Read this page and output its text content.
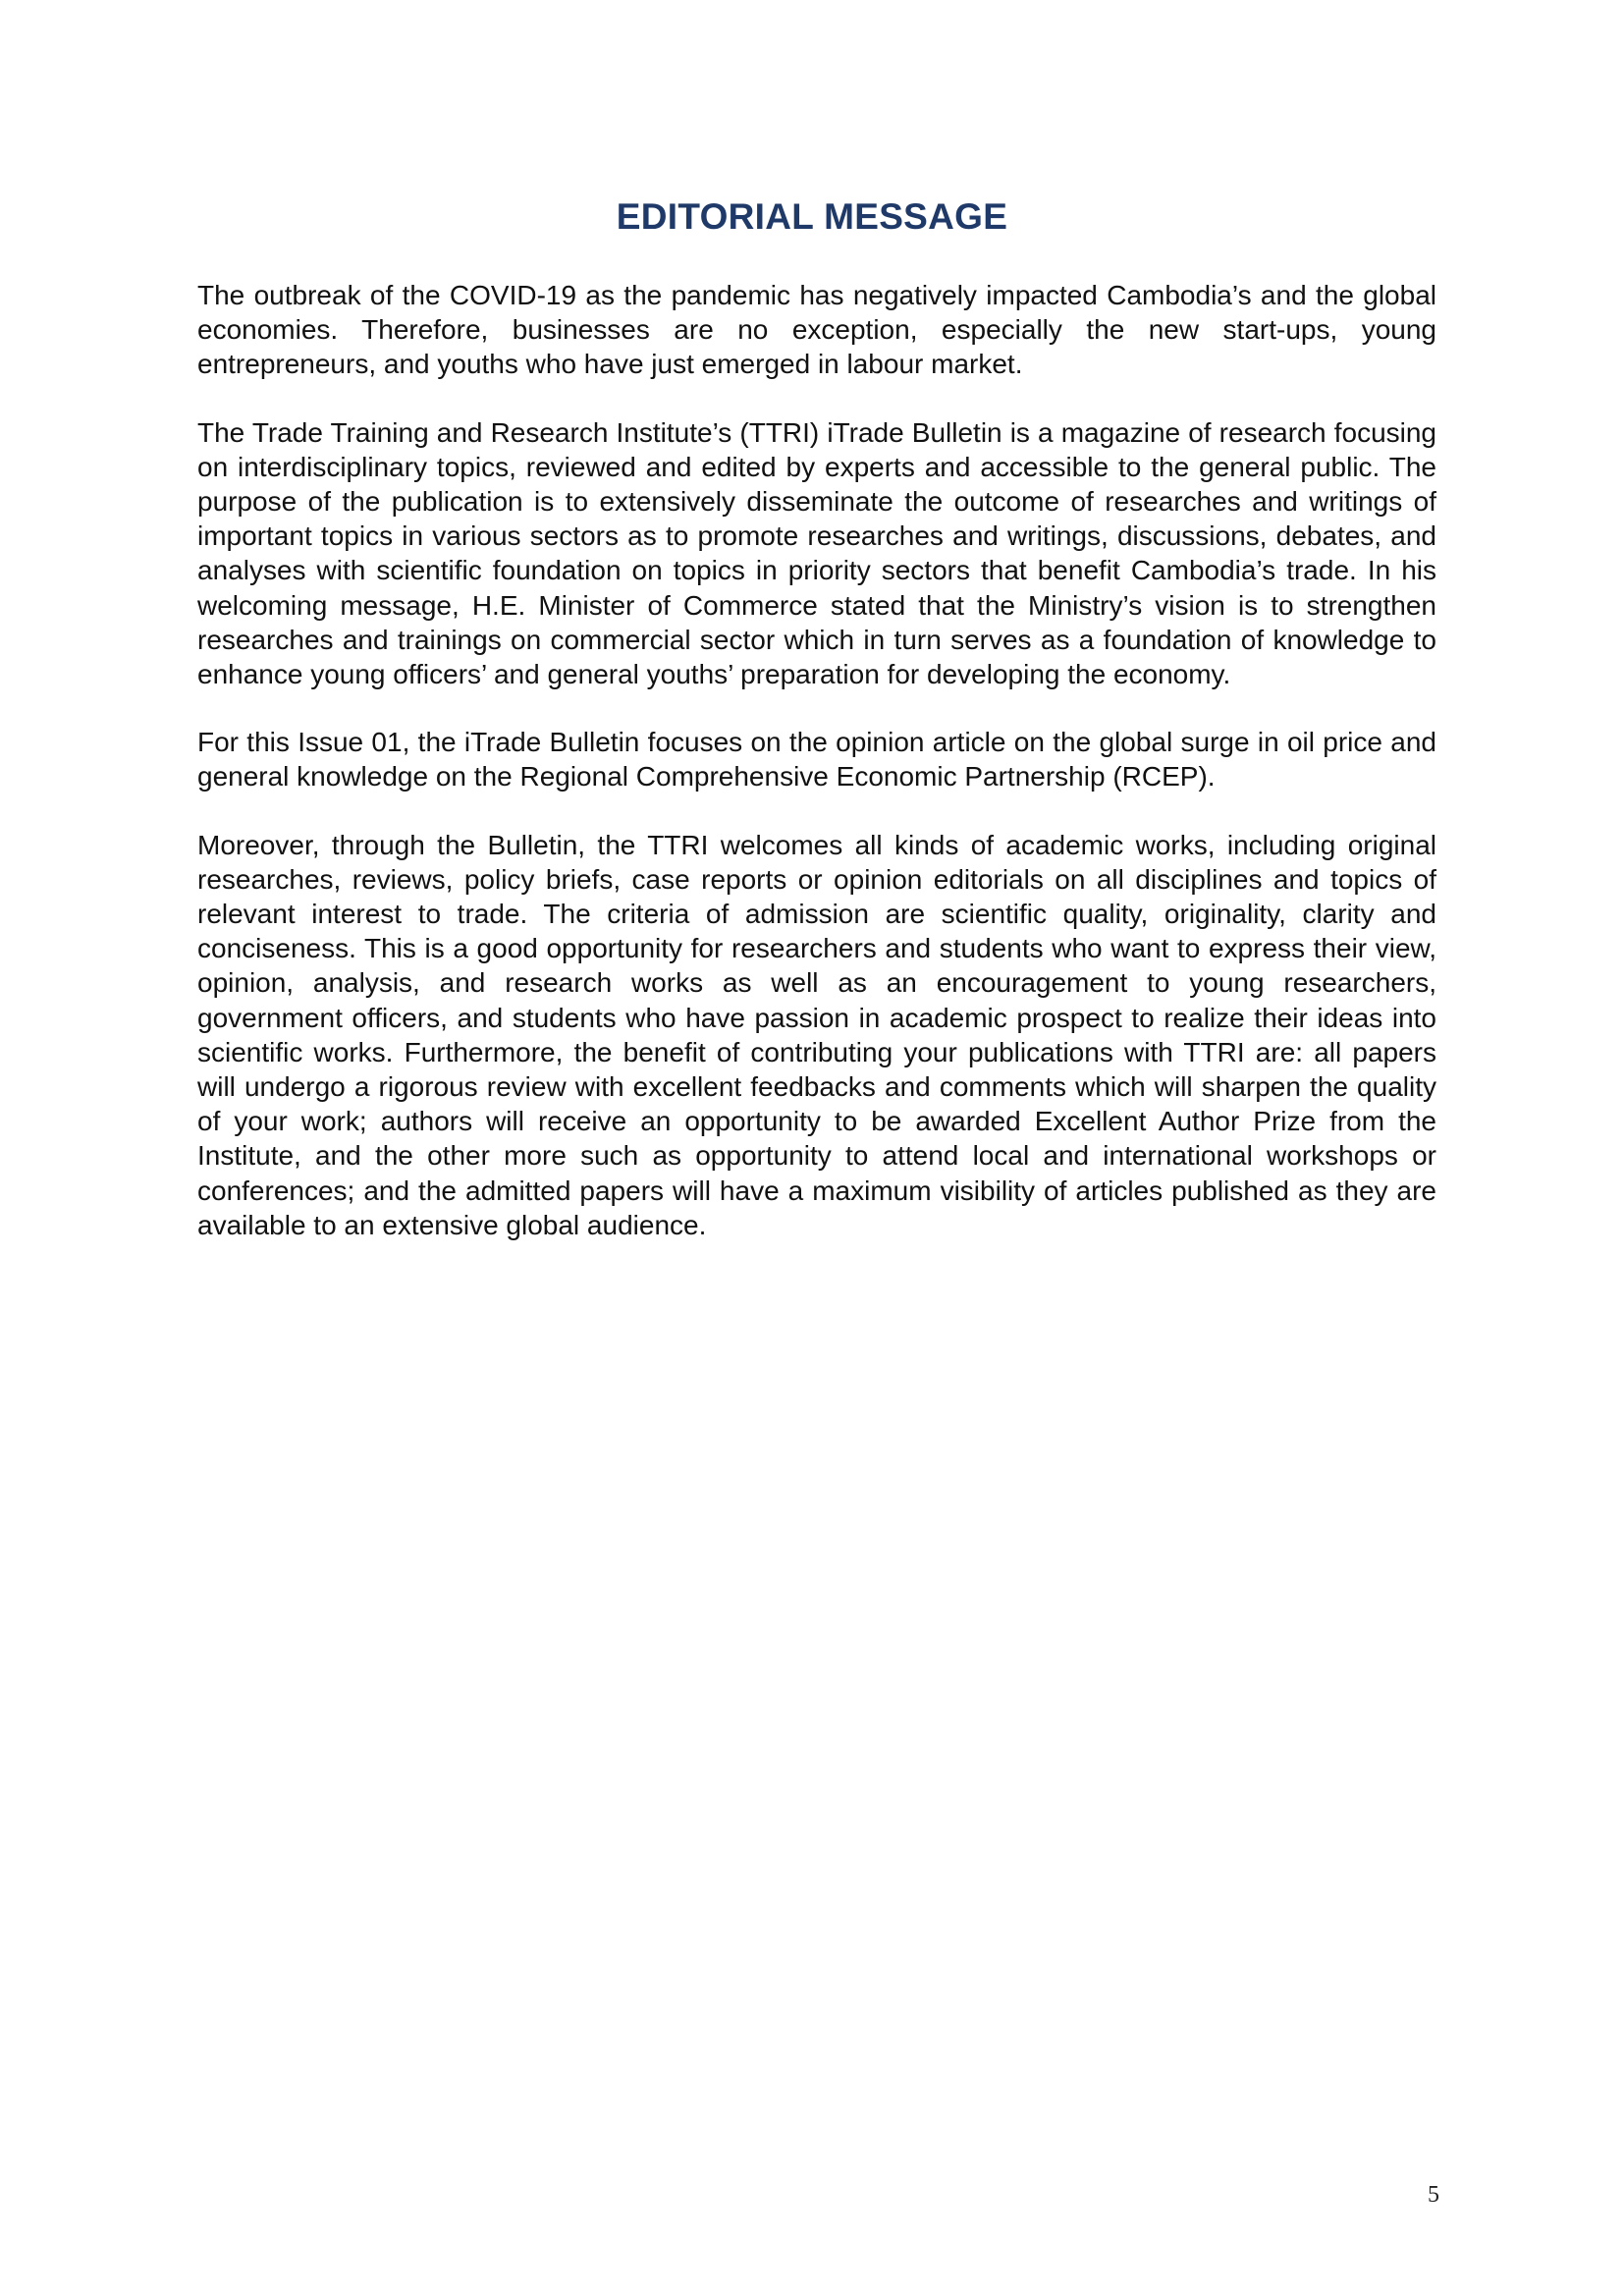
EDITORIAL MESSAGE

The outbreak of the COVID-19 as the pandemic has negatively impacted Cambodia’s and the global economies. Therefore, businesses are no exception, especially the new start-ups, young entrepreneurs, and youths who have just emerged in labour market.

The Trade Training and Research Institute’s (TTRI) iTrade Bulletin is a magazine of research focusing on interdisciplinary topics, reviewed and edited by experts and accessible to the general public. The purpose of the publication is to extensively disseminate the outcome of researches and writings of important topics in various sectors as to promote researches and writings, discussions, debates, and analyses with scientific foundation on topics in priority sectors that benefit Cambodia’s trade. In his welcoming message, H.E. Minister of Commerce stated that the Ministry’s vision is to strengthen researches and trainings on commercial sector which in turn serves as a foundation of knowledge to enhance young officers’ and general youths’ preparation for developing the economy.

For this Issue 01, the iTrade Bulletin focuses on the opinion article on the global surge in oil price and general knowledge on the Regional Comprehensive Economic Partnership (RCEP).

Moreover, through the Bulletin, the TTRI welcomes all kinds of academic works, including original researches, reviews, policy briefs, case reports or opinion editorials on all disciplines and topics of relevant interest to trade. The criteria of admission are scientific quality, originality, clarity and conciseness. This is a good opportunity for researchers and students who want to express their view, opinion, analysis, and research works as well as an encouragement to young researchers, government officers, and students who have passion in academic prospect to realize their ideas into scientific works. Furthermore, the benefit of contributing your publications with TTRI are: all papers will undergo a rigorous review with excellent feedbacks and comments which will sharpen the quality of your work; authors will receive an opportunity to be awarded Excellent Author Prize from the Institute, and the other more such as opportunity to attend local and international workshops or conferences; and the admitted papers will have a maximum visibility of articles published as they are available to an extensive global audience.

5
